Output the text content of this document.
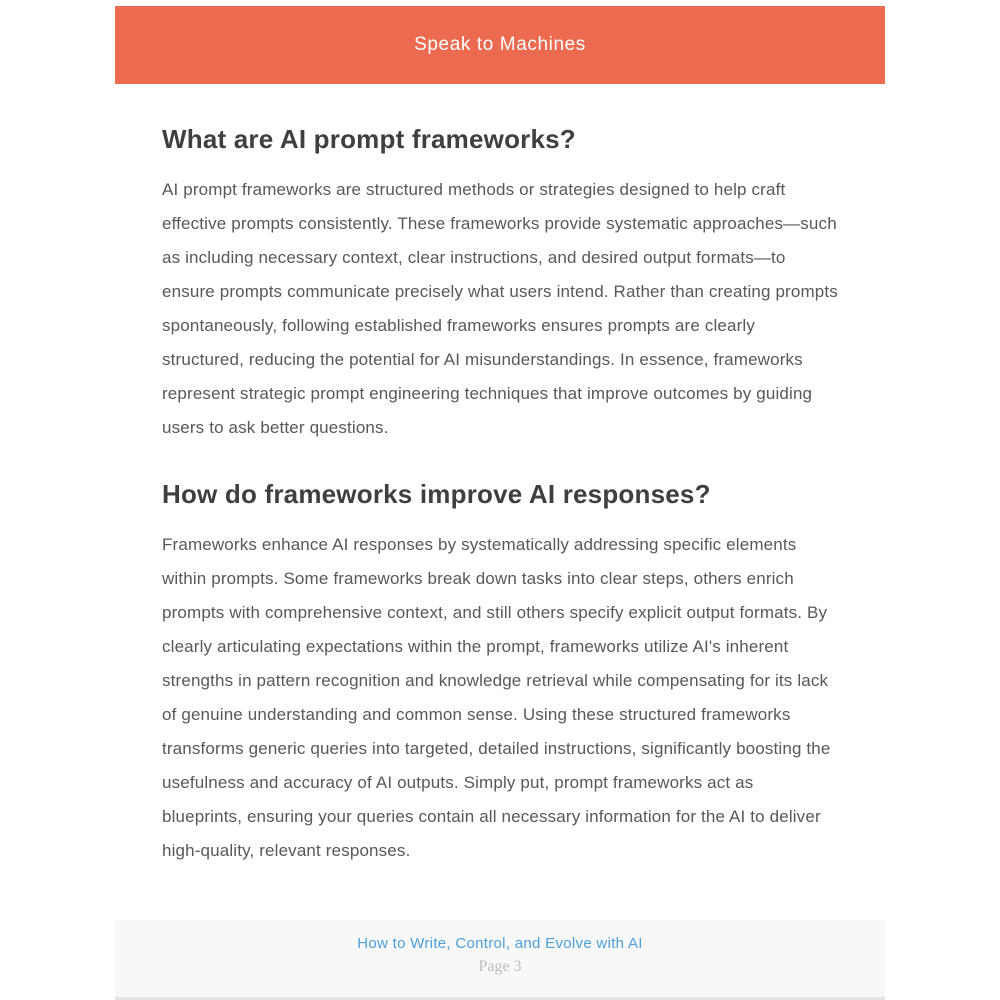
Speak to Machines
What are AI prompt frameworks?
AI prompt frameworks are structured methods or strategies designed to help craft effective prompts consistently. These frameworks provide systematic approaches—such as including necessary context, clear instructions, and desired output formats—to ensure prompts communicate precisely what users intend. Rather than creating prompts spontaneously, following established frameworks ensures prompts are clearly structured, reducing the potential for AI misunderstandings. In essence, frameworks represent strategic prompt engineering techniques that improve outcomes by guiding users to ask better questions.
How do frameworks improve AI responses?
Frameworks enhance AI responses by systematically addressing specific elements within prompts. Some frameworks break down tasks into clear steps, others enrich prompts with comprehensive context, and still others specify explicit output formats. By clearly articulating expectations within the prompt, frameworks utilize AI's inherent strengths in pattern recognition and knowledge retrieval while compensating for its lack of genuine understanding and common sense. Using these structured frameworks transforms generic queries into targeted, detailed instructions, significantly boosting the usefulness and accuracy of AI outputs. Simply put, prompt frameworks act as blueprints, ensuring your queries contain all necessary information for the AI to deliver high-quality, relevant responses.
How to Write, Control, and Evolve with AI
Page 3
